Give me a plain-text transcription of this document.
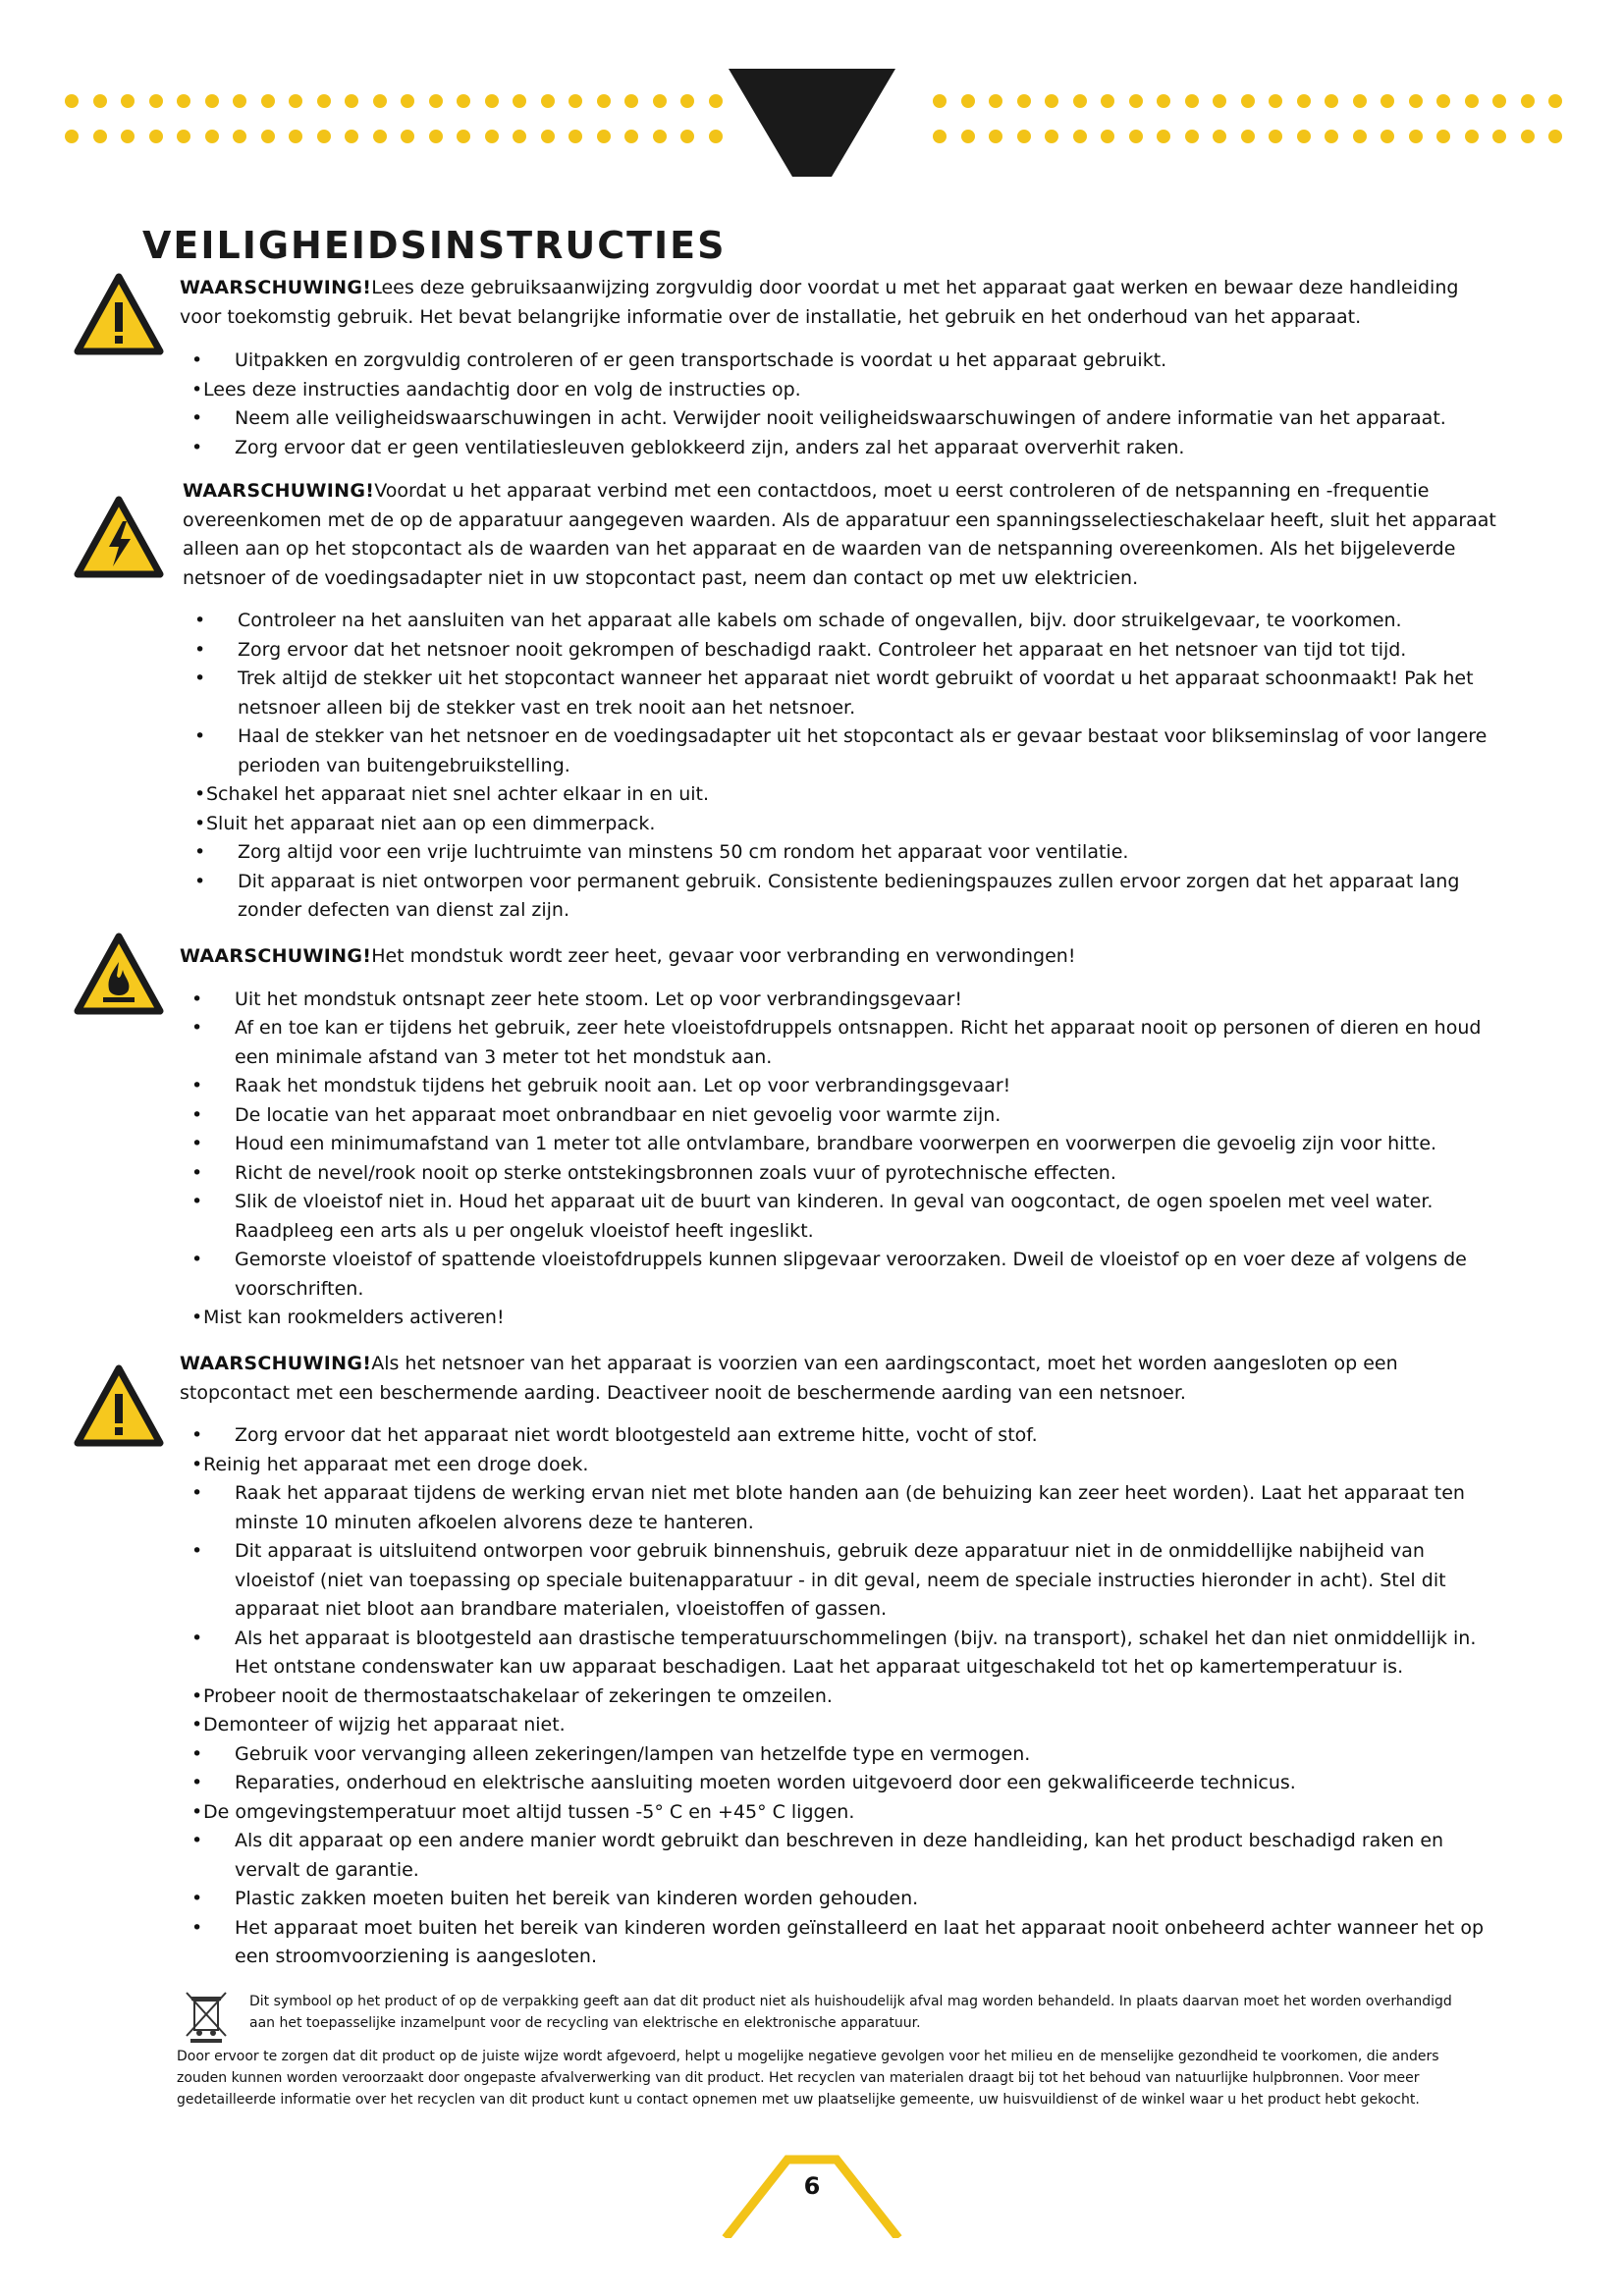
VEILIGHEIDSINSTRUCTIES

WAARSCHUWING!Lees deze gebruiksaanwijzing zorgvuldig door voordat u met het apparaat gaat werken en bewaar deze handleiding voor toekomstig gebruik. Het bevat belangrijke informatie over de installatie, het gebruik en het onderhoud van het apparaat.

• Uitpakken en zorgvuldig controleren of er geen transportschade is voordat u het apparaat gebruikt.
• Lees deze instructies aandachtig door en volg de instructies op.
• Neem alle veiligheidswaarschuwingen in acht. Verwijder nooit veiligheidswaarschuwingen of andere informatie van het apparaat.
• Zorg ervoor dat er geen ventilatiesleuven geblokkeerd zijn, anders zal het apparaat oververhit raken.

WAARSCHUWING!Voordat u het apparaat verbind met een contactdoos, moet u eerst controleren of de netspanning en -frequentie overeenkomen met de op de apparatuur aangegeven waarden. Als de apparatuur een spanningsselectieschakelaar heeft, sluit het apparaat alleen aan op het stopcontact als de waarden van het apparaat en de waarden van de netspanning overeenkomen. Als het bijgeleverde netsnoer of de voedingsadapter niet in uw stopcontact past, neem dan contact op met uw elektricien.

• Controleer na het aansluiten van het apparaat alle kabels om schade of ongevallen, bijv. door struikelgevaar, te voorkomen.
• Zorg ervoor dat het netsnoer nooit gekrompen of beschadigd raakt. Controleer het apparaat en het netsnoer van tijd tot tijd.
• Trek altijd de stekker uit het stopcontact wanneer het apparaat niet wordt gebruikt of voordat u het apparaat schoonmaakt! Pak het netsnoer alleen bij de stekker vast en trek nooit aan het netsnoer.
• Haal de stekker van het netsnoer en de voedingsadapter uit het stopcontact als er gevaar bestaat voor blikseminslag of voor langere perioden van buitengebruikstelling.
• Schakel het apparaat niet snel achter elkaar in en uit.
• Sluit het apparaat niet aan op een dimmerpack.
• Zorg altijd voor een vrije luchtruimte van minstens 50 cm rondom het apparaat voor ventilatie.
• Dit apparaat is niet ontworpen voor permanent gebruik. Consistente bedieningspauzes zullen ervoor zorgen dat het apparaat lang zonder defecten van dienst zal zijn.

WAARSCHUWING!Het mondstuk wordt zeer heet, gevaar voor verbranding en verwondingen!

• Uit het mondstuk ontsnapt zeer hete stoom. Let op voor verbrandingsgevaar!
• Af en toe kan er tijdens het gebruik, zeer hete vloeistofdruppels ontsnappen. Richt het apparaat nooit op personen of dieren en houd een minimale afstand van 3 meter tot het mondstuk aan.
• Raak het mondstuk tijdens het gebruik nooit aan. Let op voor verbrandingsgevaar!
• De locatie van het apparaat moet onbrandbaar en niet gevoelig voor warmte zijn.
• Houd een minimumafstand van 1 meter tot alle ontvlambare, brandbare voorwerpen en voorwerpen die gevoelig zijn voor hitte.
• Richt de nevel/rook nooit op sterke ontstekingsbronnen zoals vuur of pyrotechnische effecten.
• Slik de vloeistof niet in. Houd het apparaat uit de buurt van kinderen. In geval van oogcontact, de ogen spoelen met veel water. Raadpleeg een arts als u per ongeluk vloeistof heeft ingeslikt.
• Gemorste vloeistof of spattende vloeistofdruppels kunnen slipgevaar veroorzaken. Dweil de vloeistof op en voer deze af volgens de voorschriften.
• Mist kan rookmelders activeren!

WAARSCHUWING!Als het netsnoer van het apparaat is voorzien van een aardingscontact, moet het worden aangesloten op een stopcontact met een beschermende aarding. Deactiveer nooit de beschermende aarding van een netsnoer.

• Zorg ervoor dat het apparaat niet wordt blootgesteld aan extreme hitte, vocht of stof.
• Reinig het apparaat met een droge doek.
• Raak het apparaat tijdens de werking ervan niet met blote handen aan (de behuizing kan zeer heet worden). Laat het apparaat ten minste 10 minuten afkoelen alvorens deze te hanteren.
• Dit apparaat is uitsluitend ontworpen voor gebruik binnenshuis, gebruik deze apparatuur niet in de onmiddellijke nabijheid van vloeistof (niet van toepassing op speciale buitenapparatuur - in dit geval, neem de speciale instructies hieronder in acht). Stel dit apparaat niet bloot aan brandbare materialen, vloeistoffen of gassen.
• Als het apparaat is blootgesteld aan drastische temperatuurschommelingen (bijv. na transport), schakel het dan niet onmiddellijk in. Het ontstane condenswater kan uw apparaat beschadigen. Laat het apparaat uitgeschakeld tot het op kamertemperatuur is.
• Probeer nooit de thermostaatschakelaar of zekeringen te omzeilen.
• Demonteer of wijzig het apparaat niet.
• Gebruik voor vervanging alleen zekeringen/lampen van hetzelfde type en vermogen.
• Reparaties, onderhoud en elektrische aansluiting moeten worden uitgevoerd door een gekwalificeerde technicus.
• De omgevingstemperatuur moet altijd tussen -5° C en +45° C liggen.
• Als dit apparaat op een andere manier wordt gebruikt dan beschreven in deze handleiding, kan het product beschadigd raken en vervalt de garantie.
• Plastic zakken moeten buiten het bereik van kinderen worden gehouden.
• Het apparaat moet buiten het bereik van kinderen worden geïnstalleerd en laat het apparaat nooit onbeheerd achter wanneer het op een stroomvoorziening is aangesloten.
Dit symbool op het product of op de verpakking geeft aan dat dit product niet als huishoudelijk afval mag worden behandeld. In plaats daarvan moet het worden overhandigd aan het toepasselijke inzamelpunt voor de recycling van elektrische en elektronische apparatuur.
Door ervoor te zorgen dat dit product op de juiste wijze wordt afgevoerd, helpt u mogelijke negatieve gevolgen voor het milieu en de menselijke gezondheid te voorkomen, die anders zouden kunnen worden veroorzaakt door ongepaste afvalverwerking van dit product. Het recyclen van materialen draagt bij tot het behoud van natuurlijke hulpbronnen. Voor meer gedetailleerde informatie over het recyclen van dit product kunt u contact opnemen met uw plaatselijke gemeente, uw huisvuildienst of de winkel waar u het product hebt gekocht.
6
